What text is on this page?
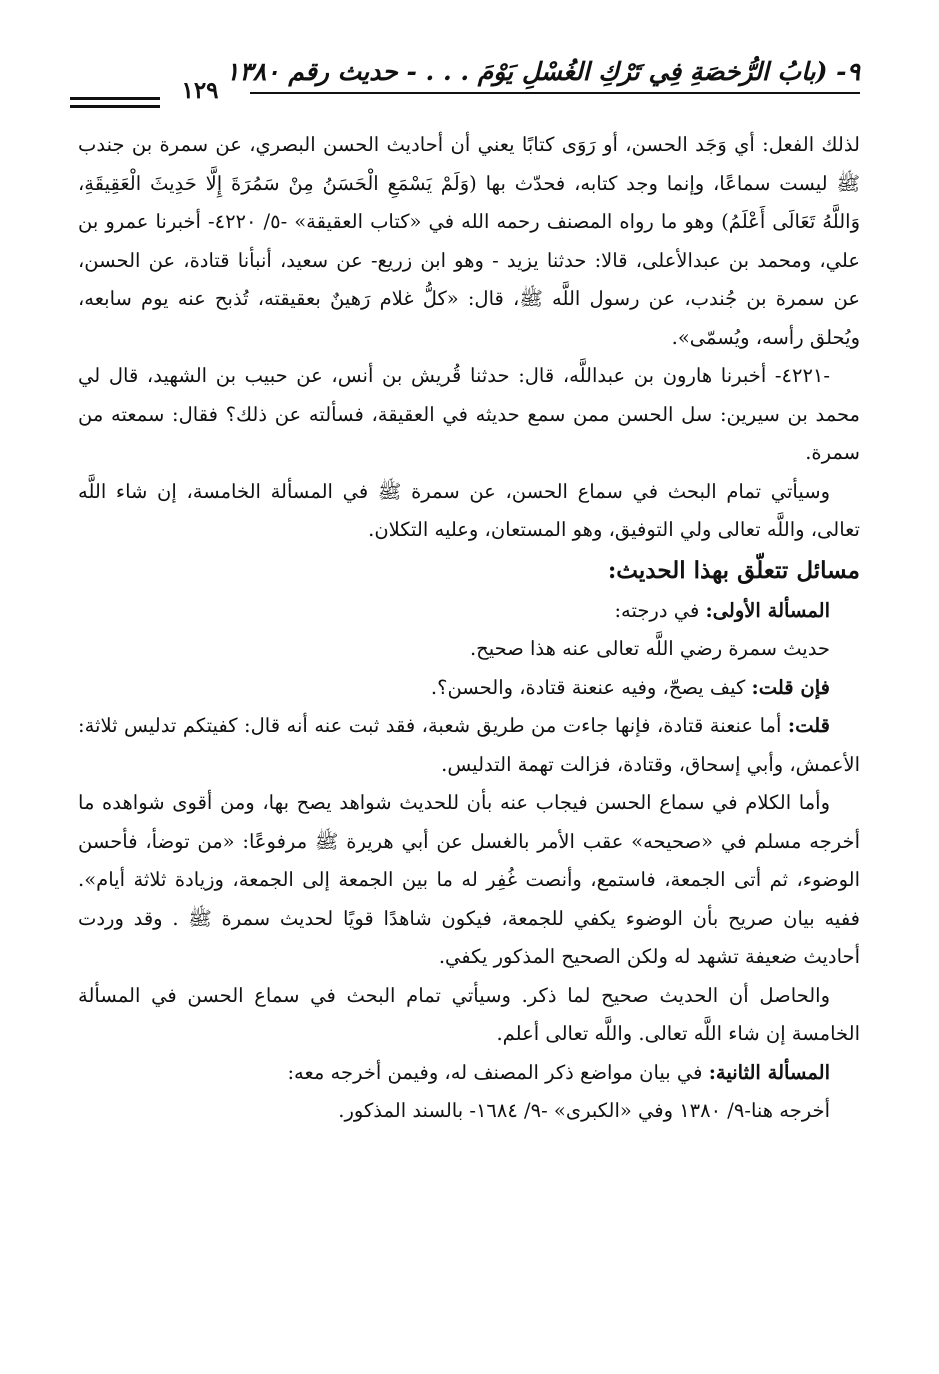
٩- (بابُ الرُّخصَةِ فِي تَرْكِ الغُسْلِ يَوْمَ . . . - حديث رقم ١٣٨٠
١٢٩

لذلك الفعل: أي وَجَد الحسن، أو رَوَى كتابًا يعني أن أحاديث الحسن البصري، عن سمرة بن جندب ﷺ ليست سماعًا، وإنما وجد كتابه، فحدّث بها (وَلَمْ يَسْمَعِ الْحَسَنُ مِنْ سَمُرَةَ إِلَّا حَدِيثَ الْعَقِيقَةِ، وَاللَّهُ تَعَالَى أَعْلَمُ) وهو ما رواه المصنف رحمه الله في «كتاب العقيقة» -٥/ ٤٢٢٠- أخبرنا عمرو بن علي، ومحمد بن عبدالأعلى، قالا: حدثنا يزيد - وهو ابن زريع- عن سعيد، أنبأنا قتادة، عن الحسن، عن سمرة بن جُندب، عن رسول اللَّه ﷺ، قال: «كلُّ غلام رَهينٌ بعقيقته، تُذبح عنه يوم سابعه، ويُحلق رأسه، ويُسمّى».

-٤٢٢١- أخبرنا هارون بن عبداللَّه، قال: حدثنا قُريش بن أنس، عن حبيب بن الشهيد، قال لي محمد بن سيرين: سل الحسن ممن سمع حديثه في العقيقة، فسألته عن ذلك؟ فقال: سمعته من سمرة.

وسيأتي تمام البحث في سماع الحسن، عن سمرة ﷺ في المسألة الخامسة، إن شاء اللَّه تعالى، واللَّه تعالى ولي التوفيق، وهو المستعان، وعليه التكلان.

مسائل تتعلّق بهذا الحديث:

المسألة الأولى: في درجته:

حديث سمرة رضي اللَّه تعالى عنه هذا صحيح.

فإن قلت: كيف يصحّ، وفيه عنعنة قتادة، والحسن؟.

قلت: أما عنعنة قتادة، فإنها جاءت من طريق شعبة، فقد ثبت عنه أنه قال: كفيتكم تدليس ثلاثة: الأعمش، وأبي إسحاق، وقتادة، فزالت تهمة التدليس.

وأما الكلام في سماع الحسن فيجاب عنه بأن للحديث شواهد يصح بها، ومن أقوى شواهده ما أخرجه مسلم في «صحيحه» عقب الأمر بالغسل عن أبي هريرة ﷺ مرفوعًا: «من توضأ، فأحسن الوضوء، ثم أتى الجمعة، فاستمع، وأنصت غُفِر له ما بين الجمعة إلى الجمعة، وزيادة ثلاثة أيام». ففيه بيان صريح بأن الوضوء يكفي للجمعة، فيكون شاهدًا قويًا لحديث سمرة ﷺ . وقد وردت أحاديث ضعيفة تشهد له ولكن الصحيح المذكور يكفي.

والحاصل أن الحديث صحيح لما ذكر. وسيأتي تمام البحث في سماع الحسن في المسألة الخامسة إن شاء اللَّه تعالى. واللَّه تعالى أعلم.

المسألة الثانية: في بيان مواضع ذكر المصنف له، وفيمن أخرجه معه:

أخرجه هنا-٩/ ١٣٨٠ وفي «الكبرى» -٩/ ١٦٨٤- بالسند المذكور.
